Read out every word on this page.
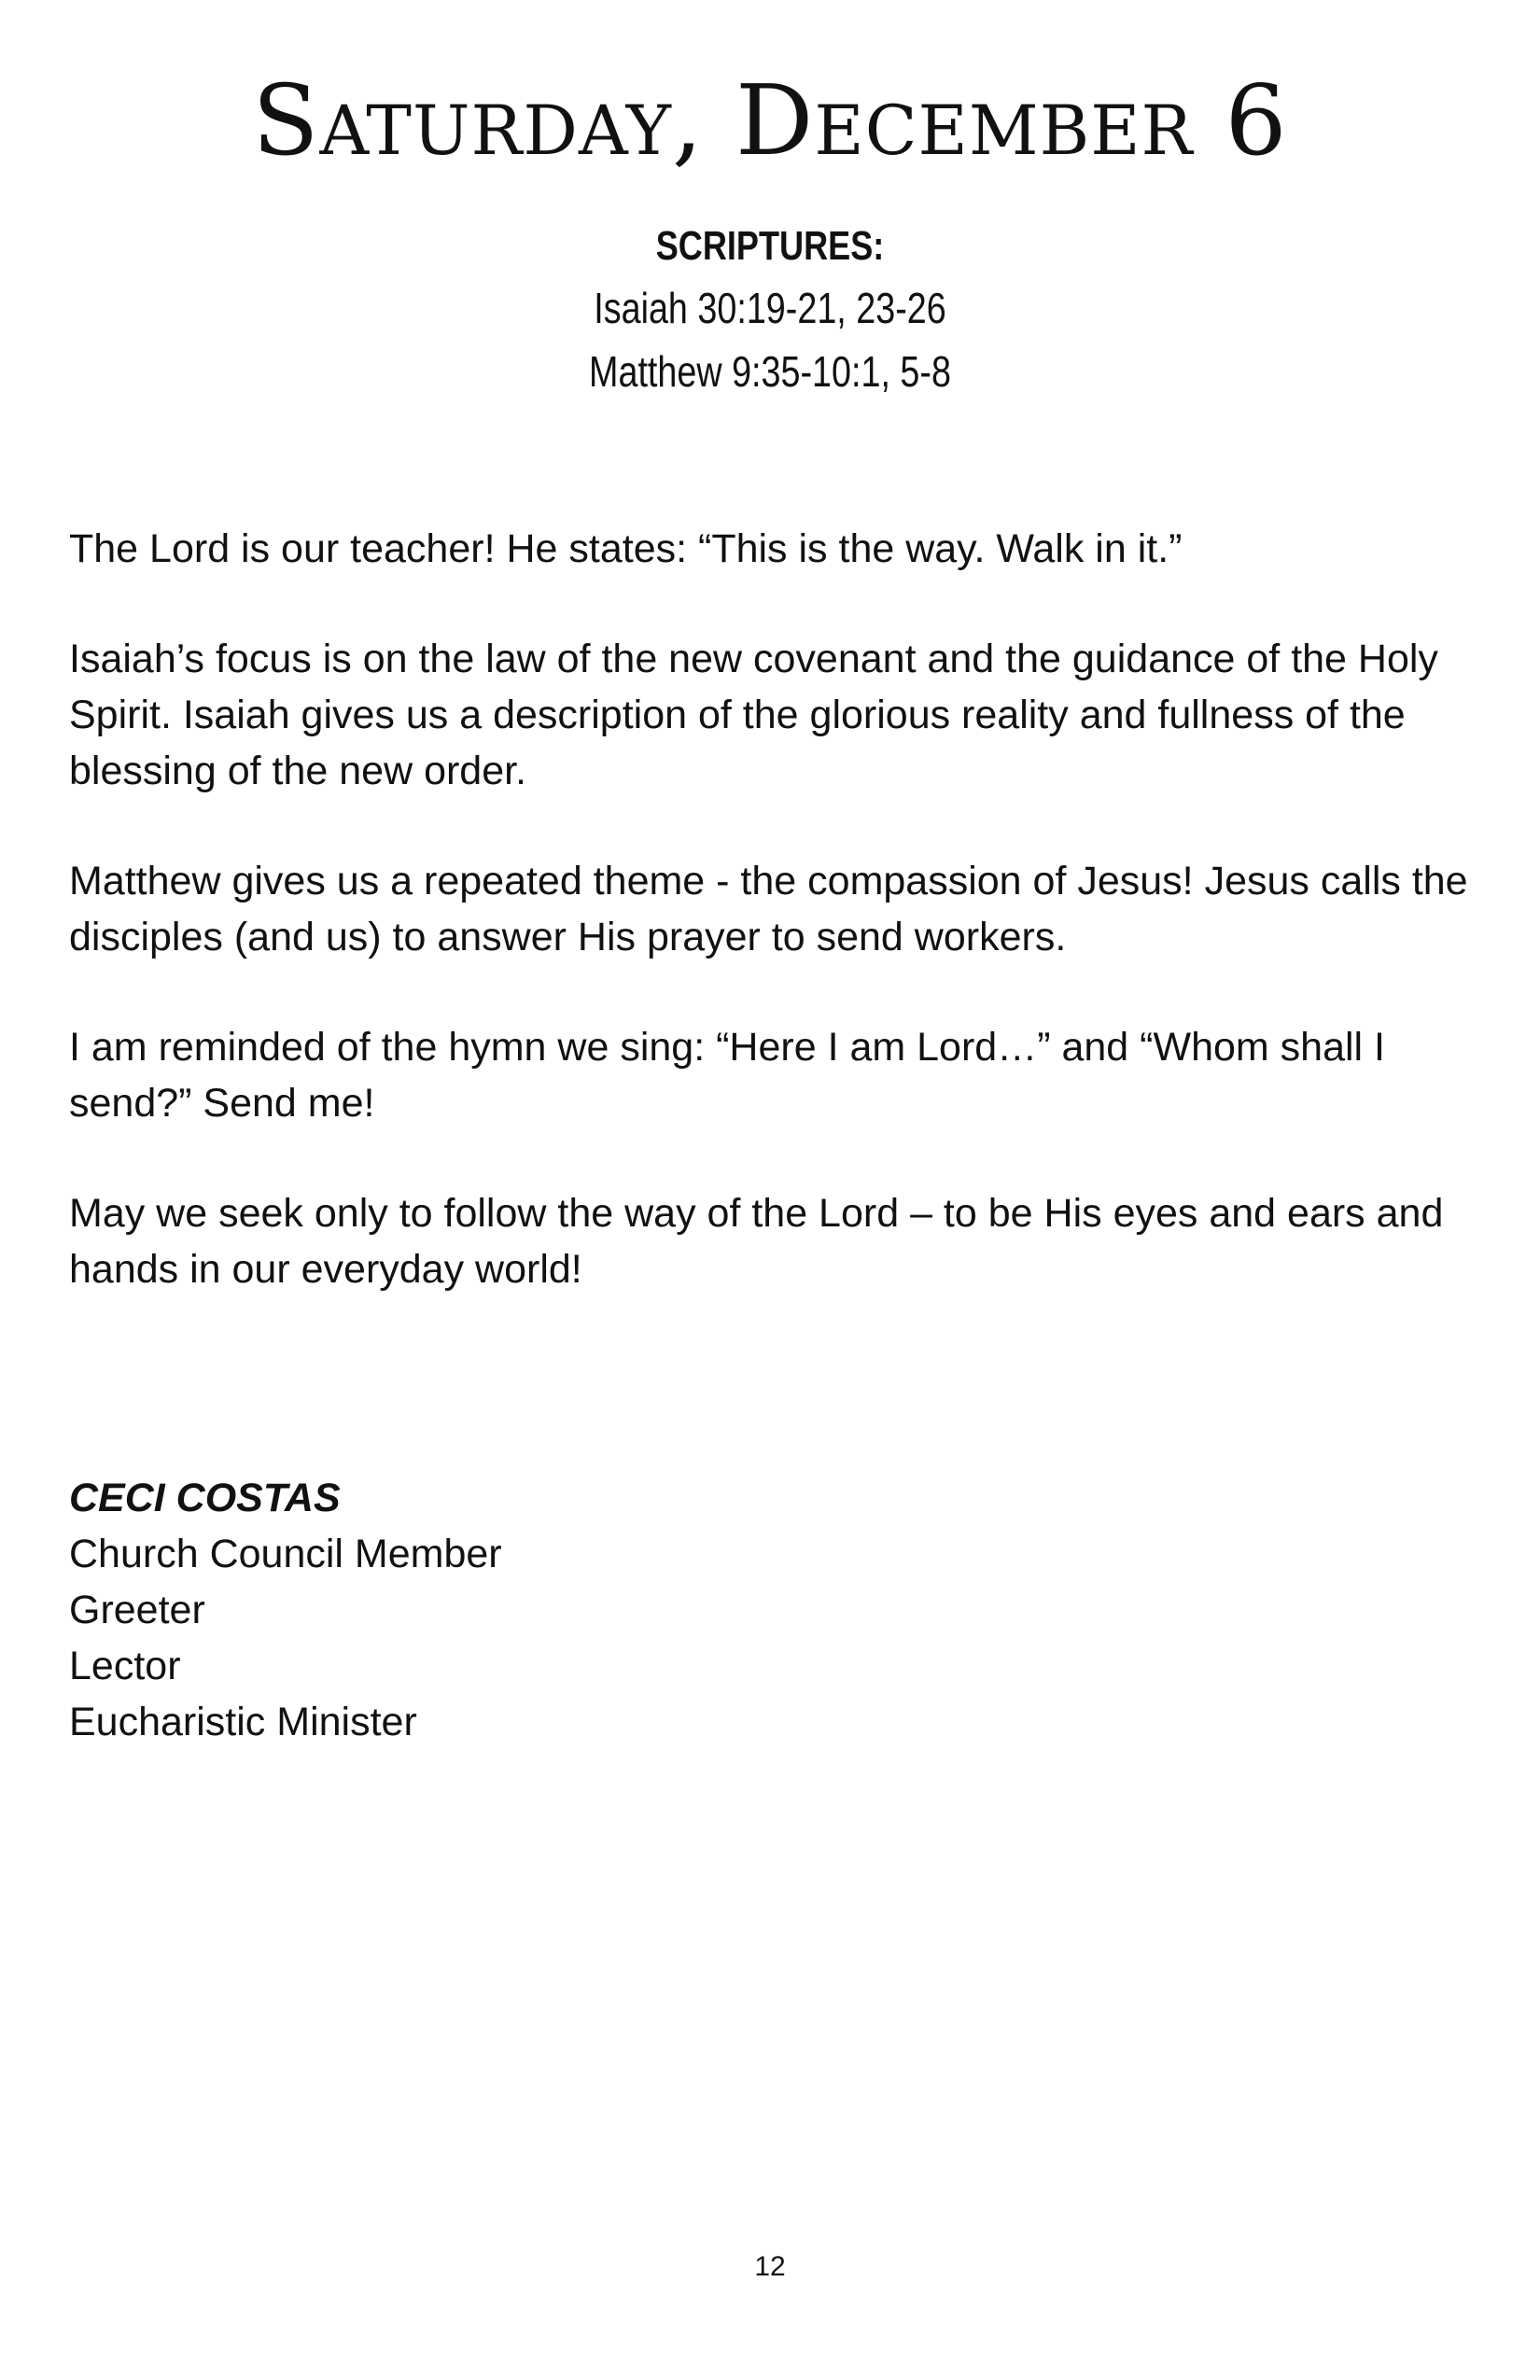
Saturday, December 6
SCRIPTURES:
Isaiah 30:19-21, 23-26
Matthew 9:35-10:1, 5-8

The Lord is our teacher! He states: “This is the way. Walk in it.”

Isaiah’s focus is on the law of the new covenant and the guidance of the Holy Spirit. Isaiah gives us a description of the glorious reality and fullness of the blessing of the new order.

Matthew gives us a repeated theme - the compassion of Jesus! Jesus calls the disciples (and us) to answer His prayer to send workers.

I am reminded of the hymn we sing: “Here I am Lord…” and “Whom shall I send?” Send me!

May we seek only to follow the way of the Lord – to be His eyes and ears and hands in our everyday world!

CECI COSTAS
Church Council Member
Greeter
Lector
Eucharistic Minister
12
